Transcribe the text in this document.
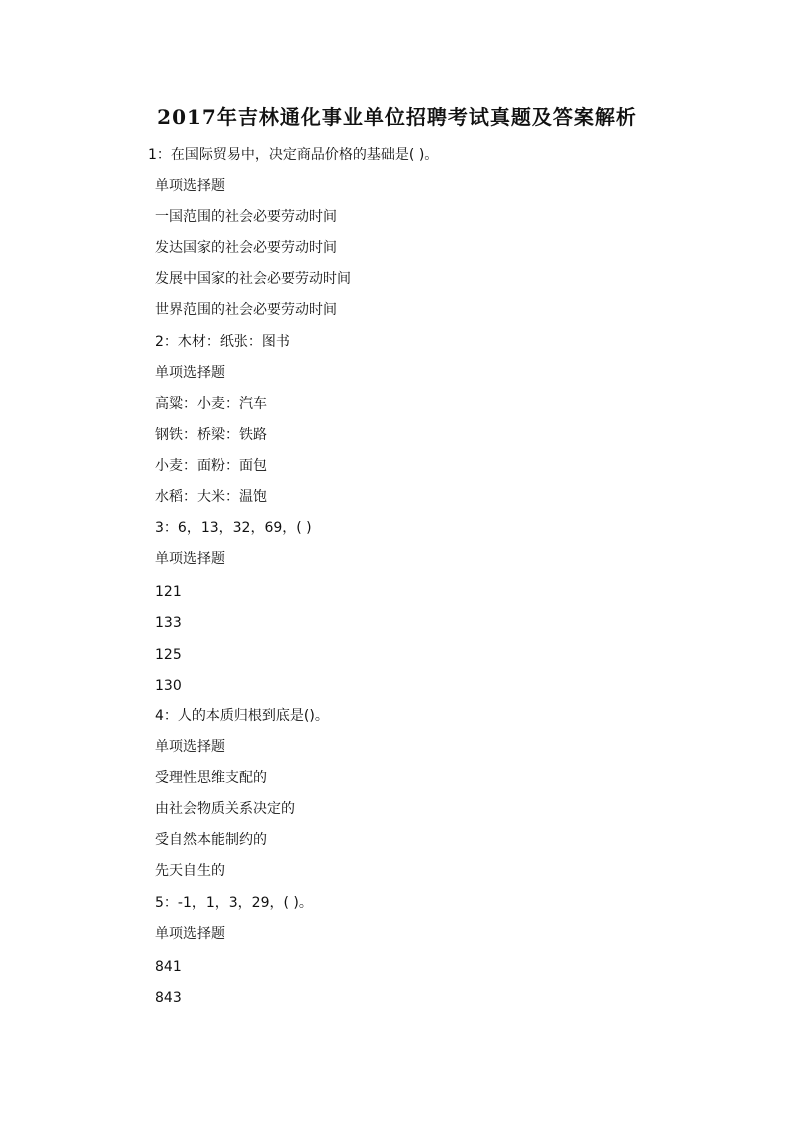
2017年吉林通化事业单位招聘考试真题及答案解析
1：在国际贸易中，决定商品价格的基础是( )。
单项选择题
一国范围的社会必要劳动时间
发达国家的社会必要劳动时间
发展中国家的社会必要劳动时间
世界范围的社会必要劳动时间
2：木材：纸张：图书
单项选择题
高粱：小麦：汽车
钢铁：桥梁：铁路
小麦：面粉：面包
水稻：大米：温饱
3：6，13，32，69，( )
单项选择题
121
133
125
130
4：人的本质归根到底是()。
单项选择题
受理性思维支配的
由社会物质关系决定的
受自然本能制约的
先天自生的
5：-1，1，3，29，( )。
单项选择题
841
843
